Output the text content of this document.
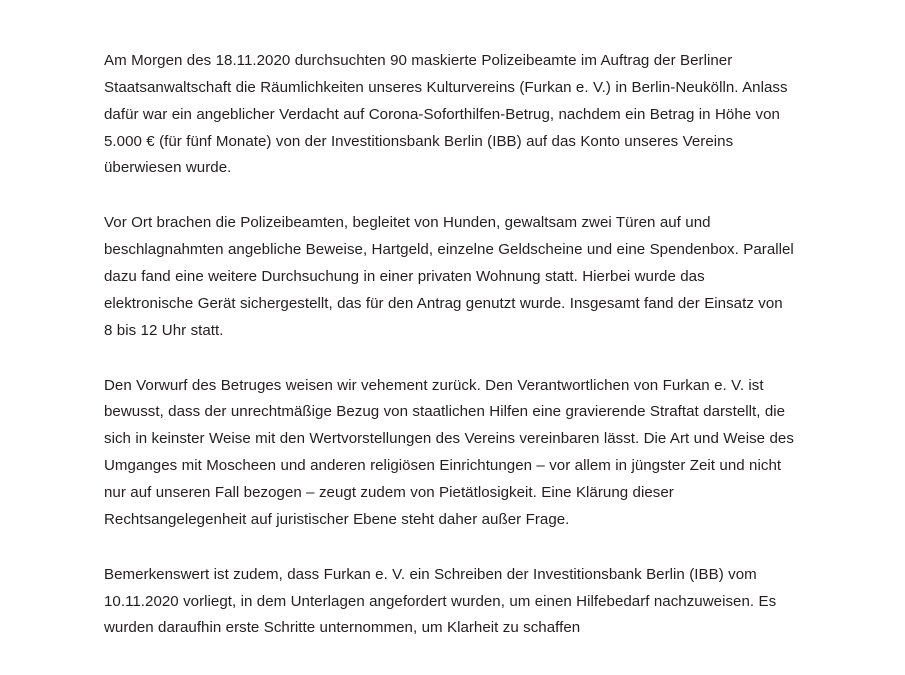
Am Morgen des 18.11.2020 durchsuchten 90 maskierte Polizeibeamte im Auftrag der Berliner Staatsanwaltschaft die Räumlichkeiten unseres Kulturvereins (Furkan e. V.) in Berlin-Neukölln. Anlass dafür war ein angeblicher Verdacht auf Corona-Soforthilfen-Betrug, nachdem ein Betrag in Höhe von 5.000 € (für fünf Monate) von der Investitionsbank Berlin (IBB) auf das Konto unseres Vereins überwiesen wurde.

Vor Ort brachen die Polizeibeamten, begleitet von Hunden, gewaltsam zwei Türen auf und beschlagnahmten angebliche Beweise, Hartgeld, einzelne Geldscheine und eine Spendenbox. Parallel dazu fand eine weitere Durchsuchung in einer privaten Wohnung statt. Hierbei wurde das elektronische Gerät sichergestellt, das für den Antrag genutzt wurde. Insgesamt fand der Einsatz von 8 bis 12 Uhr statt.

Den Vorwurf des Betruges weisen wir vehement zurück. Den Verantwortlichen von Furkan e. V. ist bewusst, dass der unrechtmäßige Bezug von staatlichen Hilfen eine gravierende Straftat darstellt, die sich in keinster Weise mit den Wertvorstellungen des Vereins vereinbaren lässt. Die Art und Weise des Umganges mit Moscheen und anderen religiösen Einrichtungen – vor allem in jüngster Zeit und nicht nur auf unseren Fall bezogen – zeugt zudem von Pietätlosigkeit. Eine Klärung dieser Rechtsangelegenheit auf juristischer Ebene steht daher außer Frage.

Bemerkenswert ist zudem, dass Furkan e. V. ein Schreiben der Investitionsbank Berlin (IBB) vom 10.11.2020 vorliegt, in dem Unterlagen angefordert wurden, um einen Hilfebedarf nachzuweisen. Es wurden daraufhin erste Schritte unternommen, um Klarheit zu schaffen
